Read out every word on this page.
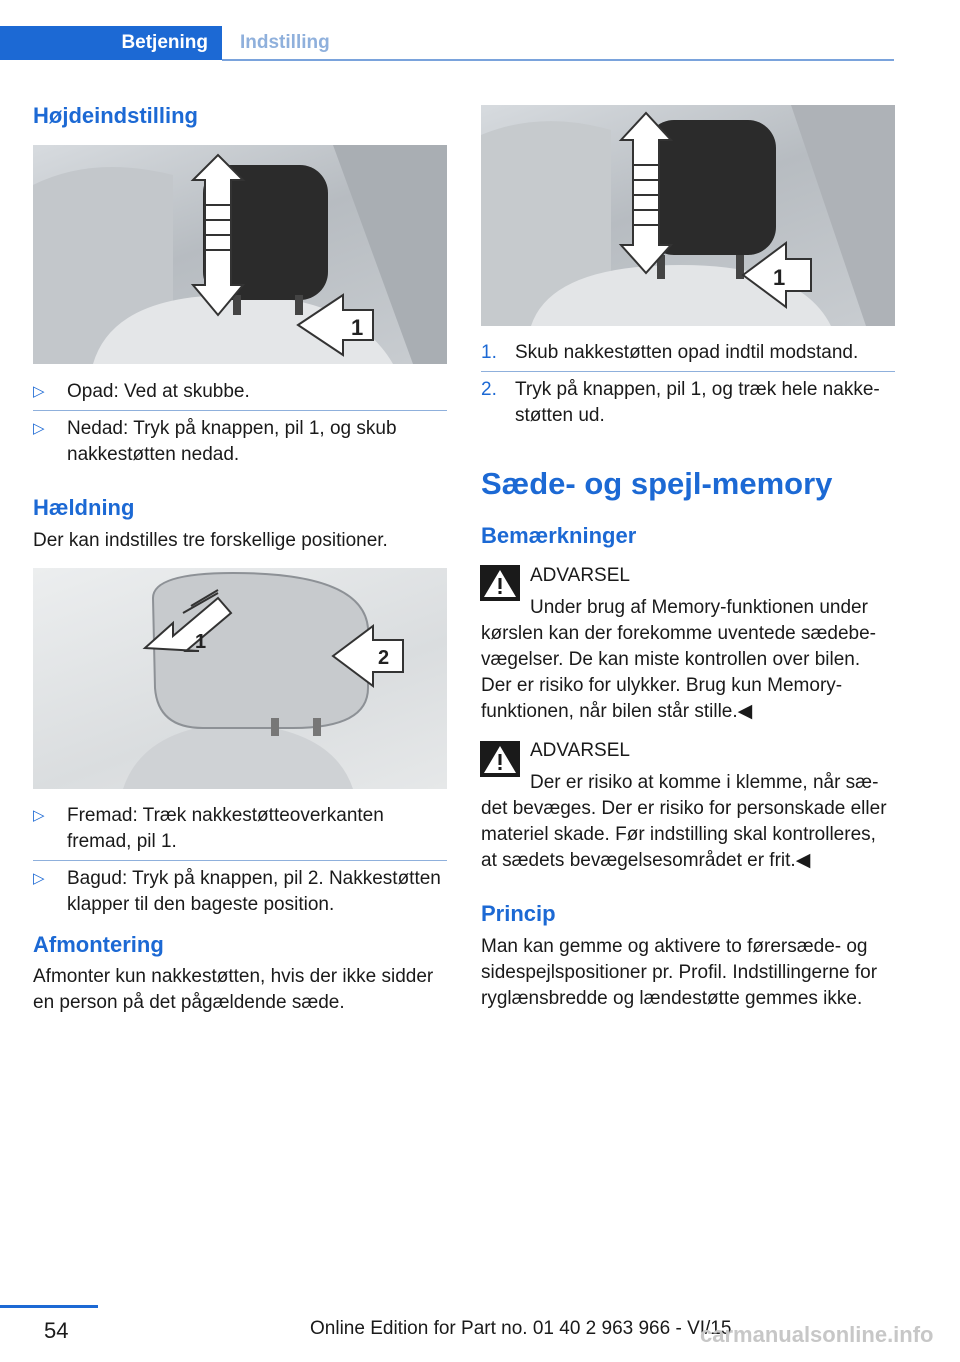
Betjening Indstilling
Højdeindstilling
1
▷ Opad: Ved at skubbe.
▷ Nedad: Tryk på knappen, pil 1, og skub nakkestøtten nedad.
Hældning

Der kan indstilles tre forskellige positioner.

1
2
▷ Fremad: Træk nakkestøtteoverkanten fremad, pil 1.
▷ Bagud: Tryk på knappen, pil 2. Nakkestøtten klapper til den bageste position.
Afmontering

Afmonter kun nakkestøtten, hvis der ikke sidder en person på det pågældende sæde.

1
1. Skub nakkestøtten opad indtil modstand.
2. Tryk på knappen, pil 1, og træk hele nakkestøtten ud.
Sæde- og spejl-memory
Bemærkninger

ADVARSEL

Under brug af Memory-funktionen under kørslen kan der forekomme uventede sædebevægelser. De kan miste kontrollen over bilen. Der er risiko for ulykker. Brug kun Memory-funktionen, når bilen står stille.◀

ADVARSEL

Der er risiko at komme i klemme, når sædet bevæges. Der er risiko for personskade eller materiel skade. Før indstilling skal kontrolleres, at sædets bevægelsesområdet er frit.◀

Princip

Man kan gemme og aktivere to førersæde- og sidespejlspositioner pr. Profil. Indstillingerne for ryglænsbredde og lændestøtte gemmes ikke.

54	Online Edition for Part no. 01 40 2 963 966 - VI/15
carmanualsonline.info
